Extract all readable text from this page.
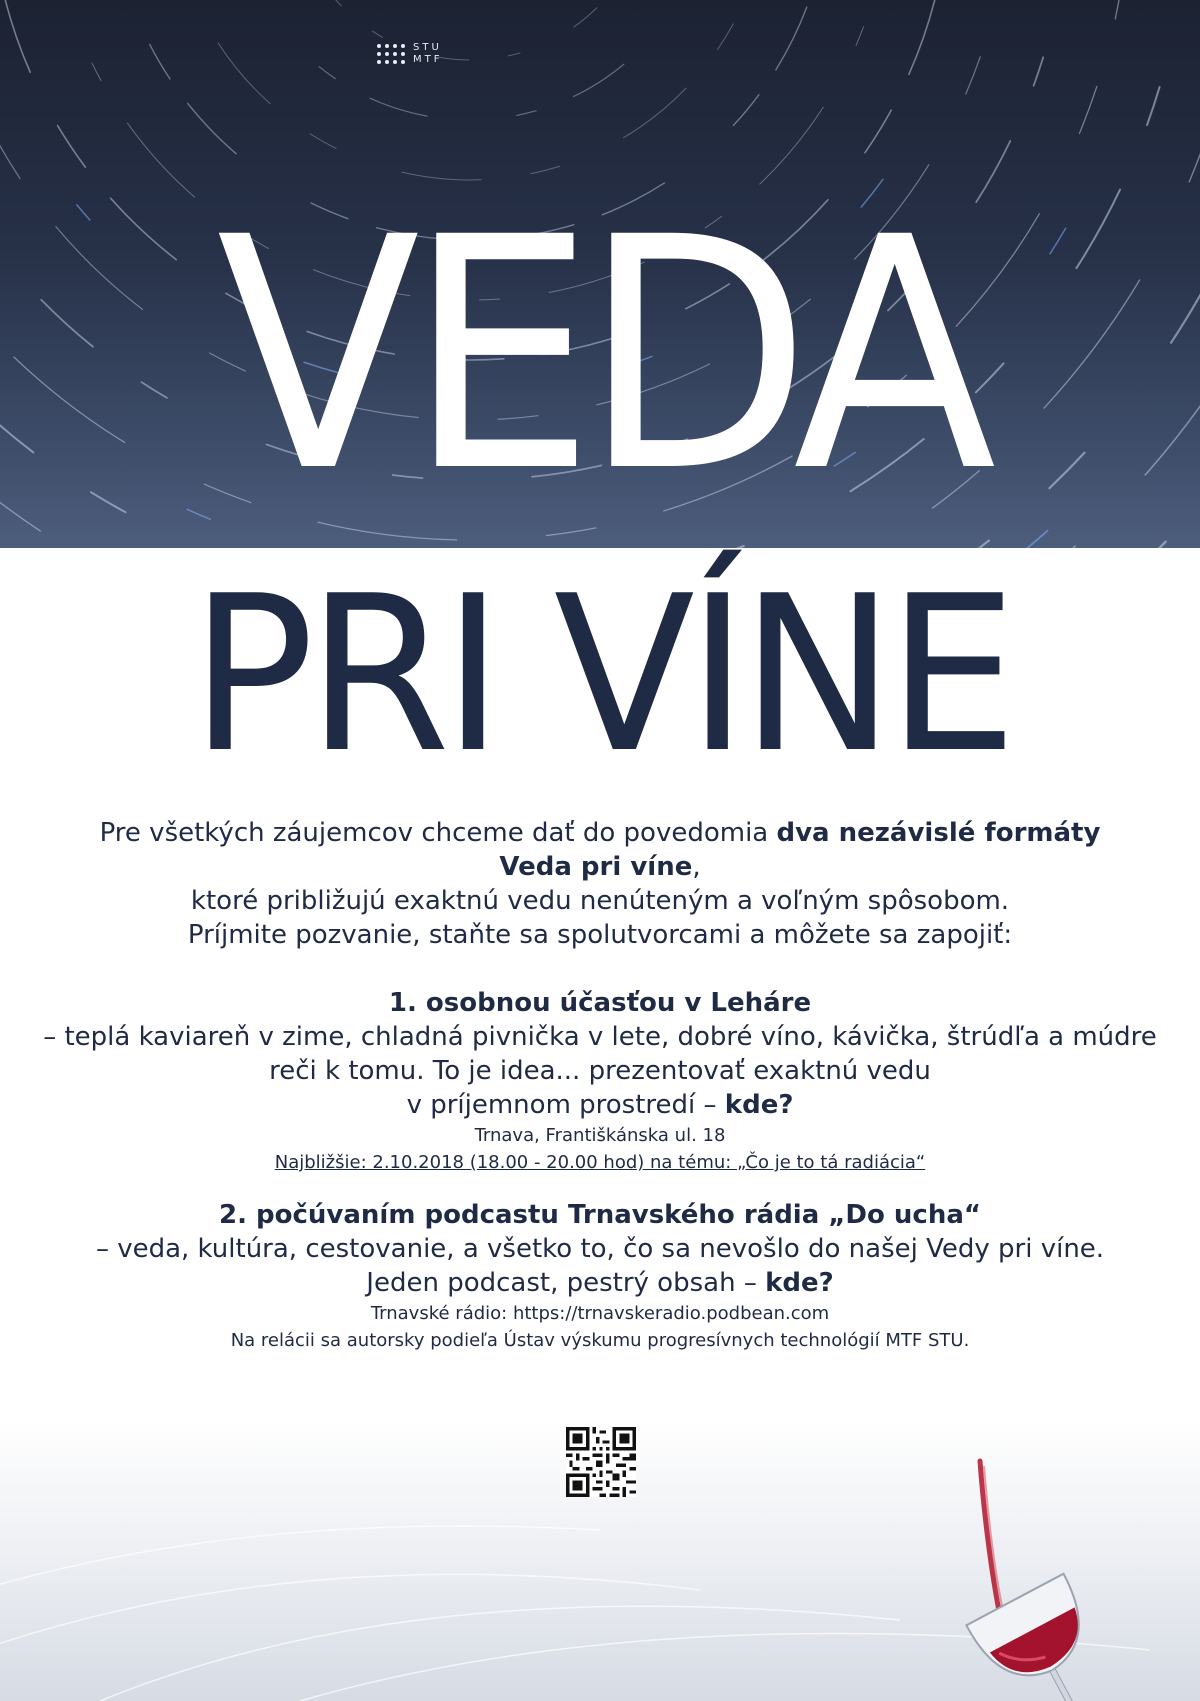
STU
MTF
VEDA
PRI VÍNE
Pre všetkých záujemcov chceme dať do povedomia dva nezávislé formáty
Veda pri víne,
ktoré približujú exaktnú vedu nenúteným a voľným spôsobom.
Príjmite pozvanie, staňte sa spolutvorcami a môžete sa zapojiť:
1. osobnou účasťou v Leháre
– teplá kaviareň v zime, chladná pivnička v lete, dobré víno, kávička, štrúdľa a múdre
reči k tomu. To je idea... prezentovať exaktnú vedu
v príjemnom prostredí – kde?
Trnava, Františkánska ul. 18
Najbližšie: 2.10.2018 (18.00 - 20.00 hod) na tému: „Čo je to tá radiácia“
2. počúvaním podcastu Trnavského rádia „Do ucha“
– veda, kultúra, cestovanie, a všetko to, čo sa nevošlo do našej Vedy pri víne.
Jeden podcast, pestrý obsah – kde?
Trnavské rádio: https://trnavskeradio.podbean.com
Na relácii sa autorsky podieľa Ústav výskumu progresívnych technológií MTF STU.
